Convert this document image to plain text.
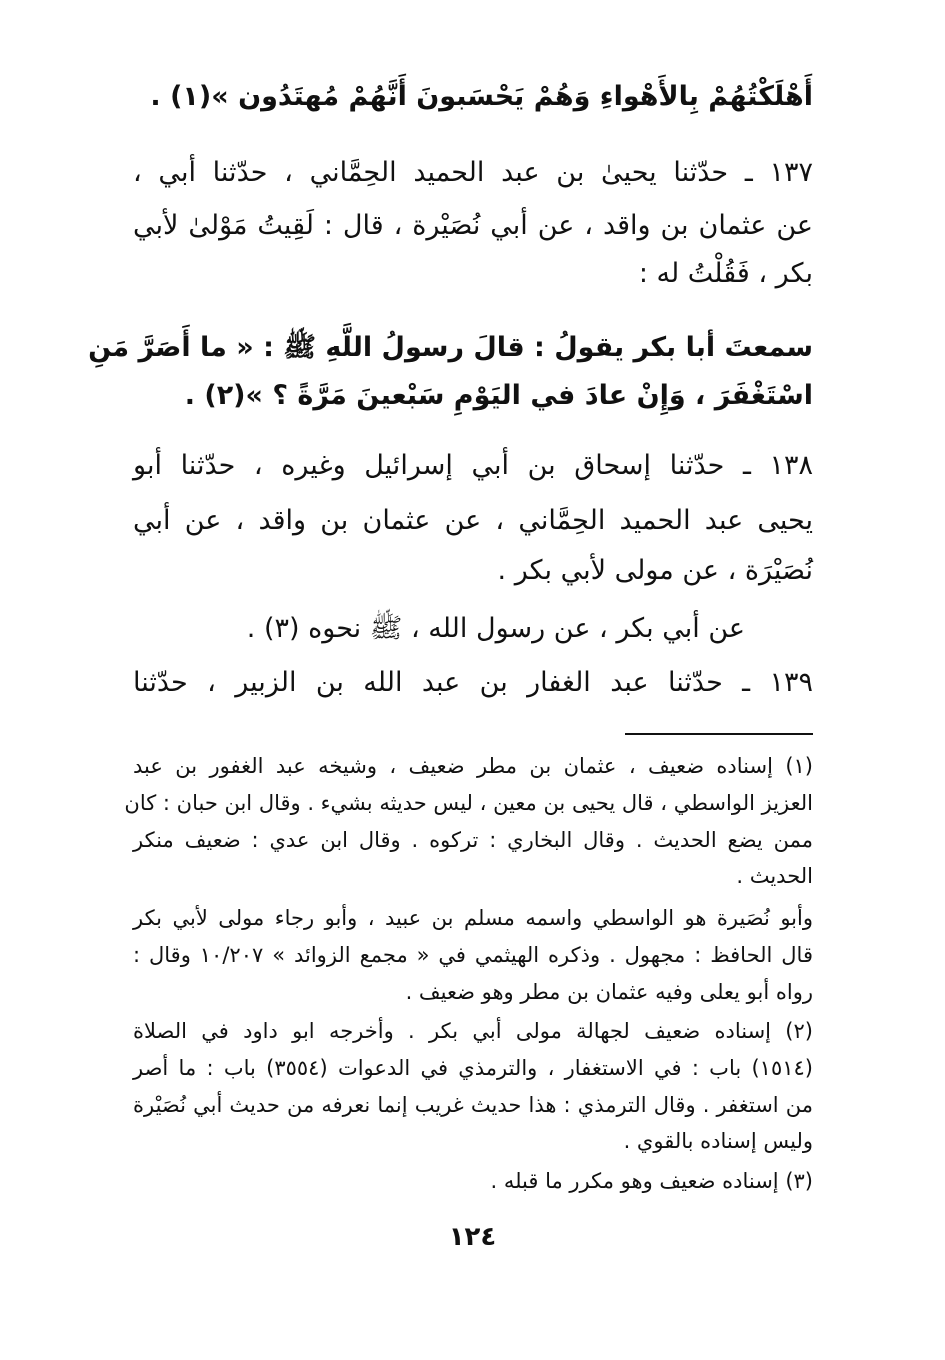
أَهْلَكْتُهُمْ بِالأَهْواءِ وَهُمْ يَحْسَبونَ أَنَّهُمْ مُهتَدُون »(١) .
١٣٧ ـ حدّثنا يحيىٰ بن عبد الحميد الحِمَّاني ، حدّثنا أبي ،
عن عثمان بن واقد ، عن أبي نُصَيْرة ، قال : لَقِيتُ مَوْلىٰ لأبي
بكر ، فَقُلْتُ له :
سمعتَ أبا بكر يقولُ : قالَ رسولُ اللَّهِ ﷺ : « ما أَصَرَّ مَنِ
اسْتَغْفَرَ ، وَإِنْ عادَ في اليَوْمِ سَبْعينَ مَرَّةً ؟ »(٢) .
١٣٨ ـ حدّثنا إسحاق بن أبي إسرائيل وغيره ، حدّثنا أبو
يحيى عبد الحميد الحِمَّاني ، عن عثمان بن واقد ، عن أبي
نُصَيْرَة ، عن مولى لأبي بكر .
عن أبي بكر ، عن رسول الله ، ﷺ نحوه (٣) .
١٣٩ ـ حدّثنا عبد الغفار بن عبد الله بن الزبير ، حدّثنا
(١) إسناده ضعيف ، عثمان بن مطر ضعيف ، وشيخه عبد الغفور بن عبد
العزيز الواسطي ، قال يحيى بن معين ، ليس حديثه بشيء . وقال ابن حبان : كان
ممن يضع الحديث . وقال البخاري : تركوه . وقال ابن عدي : ضعيف منكر
الحديث .
وأبو نُصَيرة هو الواسطي واسمه مسلم بن عبيد ، وأبو رجاء مولى لأبي بكر
قال الحافظ : مجهول . وذكره الهيثمي في « مجمع الزوائد » ١٠/٢٠٧ وقال :
رواه أبو يعلى وفيه عثمان بن مطر وهو ضعيف .
(٢) إسناده ضعيف لجهالة مولى أبي بكر . وأخرجه ابو داود في الصلاة
(١٥١٤) باب : في الاستغفار ، والترمذي في الدعوات (٣٥٥٤) باب : ما أصر
من استغفر . وقال الترمذي : هذا حديث غريب إنما نعرفه من حديث أبي نُصَيْرة
وليس إسناده بالقوي .
(٣) إسناده ضعيف وهو مكرر ما قبله .
١٢٤
